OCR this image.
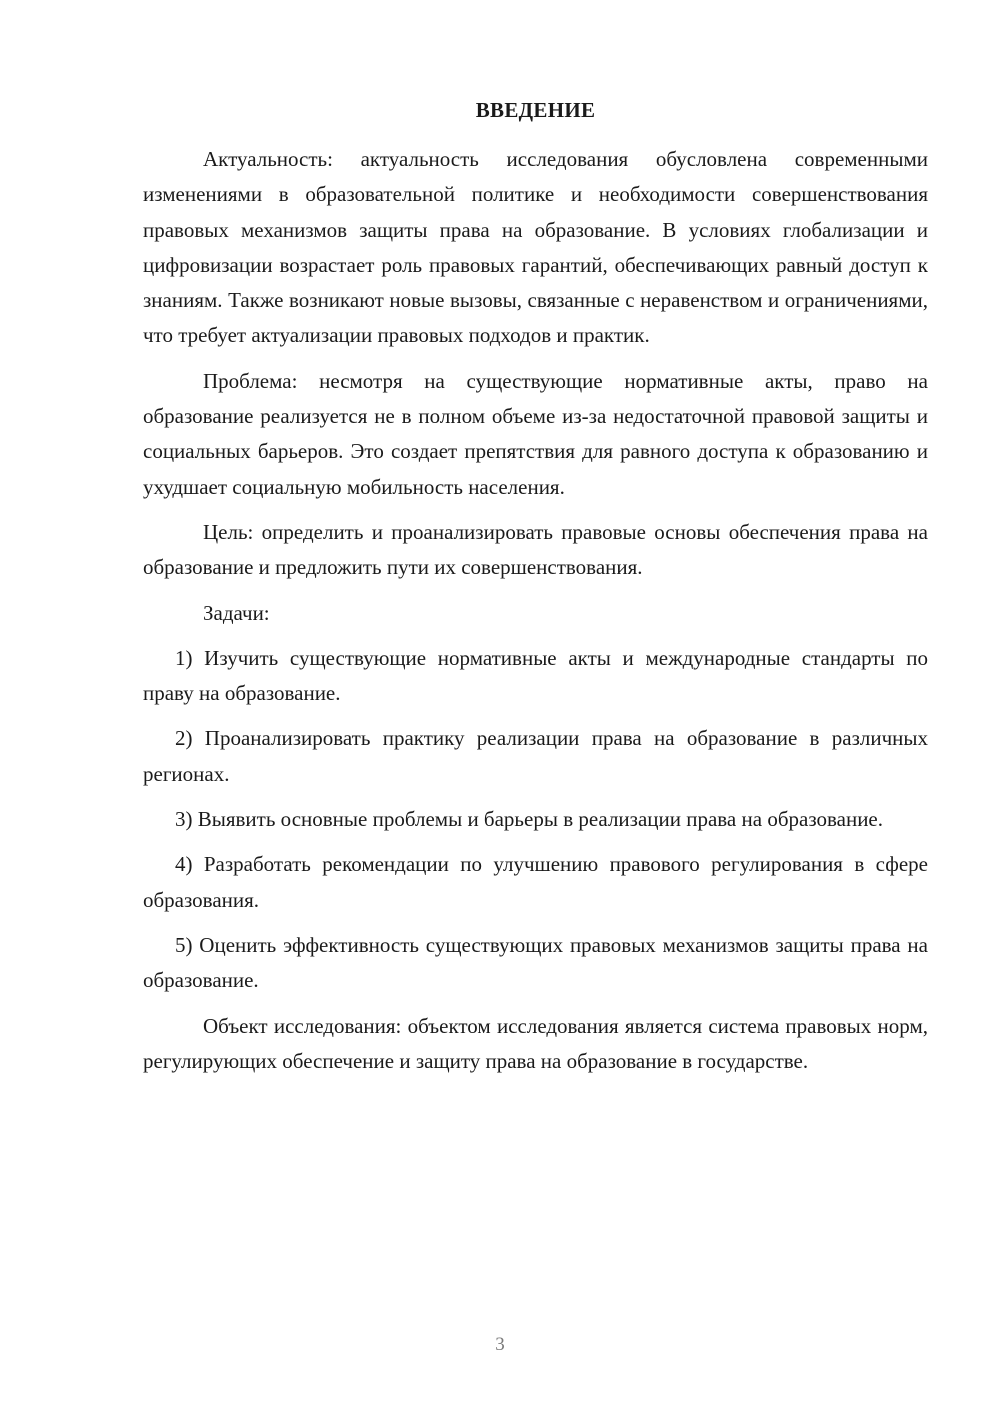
ВВЕДЕНИЕ

Актуальность: актуальность исследования обусловлена современными изменениями в образовательной политике и необходимости совершенствования правовых механизмов защиты права на образование. В условиях глобализации и цифровизации возрастает роль правовых гарантий, обеспечивающих равный доступ к знаниям. Также возникают новые вызовы, связанные с неравенством и ограничениями, что требует актуализации правовых подходов и практик.

Проблема: несмотря на существующие нормативные акты, право на образование реализуется не в полном объеме из-за недостаточной правовой защиты и социальных барьеров. Это создает препятствия для равного доступа к образованию и ухудшает социальную мобильность населения.

Цель: определить и проанализировать правовые основы обеспечения права на образование и предложить пути их совершенствования.

Задачи:

1) Изучить существующие нормативные акты и международные стандарты по праву на образование.

2) Проанализировать практику реализации права на образование в различных регионах.

3) Выявить основные проблемы и барьеры в реализации права на образование.

4) Разработать рекомендации по улучшению правового регулирования в сфере образования.

5) Оценить эффективность существующих правовых механизмов защиты права на образование.

Объект исследования: объектом исследования является система правовых норм, регулирующих обеспечение и защиту права на образование в государстве.

3
